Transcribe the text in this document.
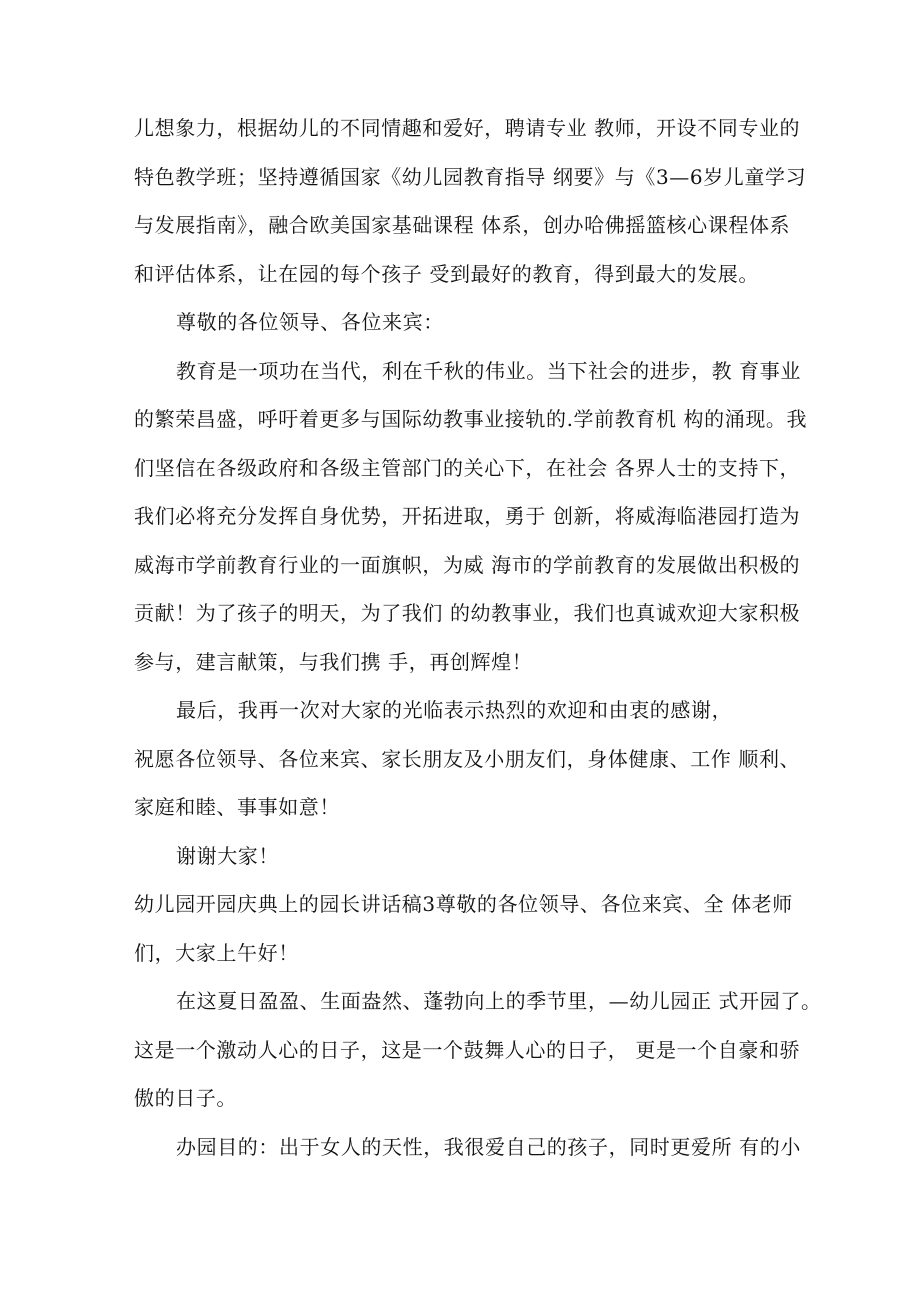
儿想象力，根据幼儿的不同情趣和爱好，聘请专业 教师，开设不同专业的
特色教学班；坚持遵循国家《幼儿园教育指导 纲要》与《3—6岁儿童学习
与发展指南》，融合欧美国家基础课程 体系，创办哈佛摇篮核心课程体系
和评估体系，让在园的每个孩子 受到最好的教育，得到最大的发展。
尊敬的各位领导、各位来宾：
教育是一项功在当代，利在千秋的伟业。当下社会的进步，教 育事业
的繁荣昌盛，呼吁着更多与国际幼教事业接轨的.学前教育机 构的涌现。我
们坚信在各级政府和各级主管部门的关心下，在社会 各界人士的支持下，
我们必将充分发挥自身优势，开拓进取，勇于 创新，将威海临港园打造为
威海市学前教育行业的一面旗帜，为威 海市的学前教育的发展做出积极的
贡献！为了孩子的明天，为了我们 的幼教事业，我们也真诚欢迎大家积极
参与，建言献策，与我们携 手，再创辉煌！
最后，我再一次对大家的光临表示热烈的欢迎和由衷的感谢，
祝愿各位领导、各位来宾、家长朋友及小朋友们，身体健康、工作 顺利、
家庭和睦、事事如意！
谢谢大家！
幼儿园开园庆典上的园长讲话稿3尊敬的各位领导、各位来宾、全 体老师
们，大家上午好！
在这夏日盈盈、生面盎然、蓬勃向上的季节里，—幼儿园正 式开园了。
这是一个激动人心的日子，这是一个鼓舞人心的日子， 更是一个自豪和骄
傲的日子。
办园目的：出于女人的天性，我很爱自己的孩子，同时更爱所 有的小
